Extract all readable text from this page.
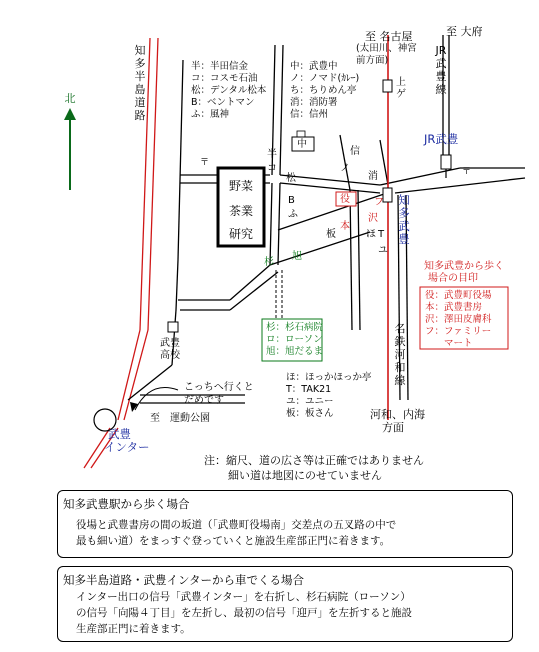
〒
〒
知多半島道路
北
至 名古屋
(太田川、神宮前方面)
至 大府
JR武豊線
名鉄河和線
河和、内海
方面
至　運動公園
こっちへ行くと
だめです
JR武豊
知多武豊
武豊
インター
野菜
茶業
研究
武豊
高校
半
コ
松
B
ふ
中
ノ
消
信
役
本
沢
フ
ほ T
ユ
板
杉
旭
上
ゲ
半：半田信金
コ：コスモ石油
松：デンタル松本
B：ベントマン
ふ：風神
中：武豊中
ノ：ノマド(ｶﾚｰ)
ち：ちりめん亭
消：消防署
信：信州
杉：杉石病院
ロ：ローソン
旭：旭だるま
ほ：ほっかほっか亭
T：TAK21
ユ：ユニー
板：板さん
知多武豊から歩く
場合の目印
役：武豊町役場
本：武豊書房
沢：澤田皮膚科
フ：ファミリー
　　マート
注：縮尺、道の広さ等は正確ではありません
細い道は地図にのせていません
知多武豊駅から歩く場合
役場と武豊書房の間の坂道（「武豊町役場南」交差点の五叉路の中で
最も細い道）をまっすぐ登っていくと施設生産部正門に着きます。
知多半島道路・武豊インターから車でくる場合
インター出口の信号「武豊インター」を右折し、杉石病院（ローソン）
の信号「向陽４丁目」を左折し、最初の信号「迎戸」を左折すると施設
生産部正門に着きます。
